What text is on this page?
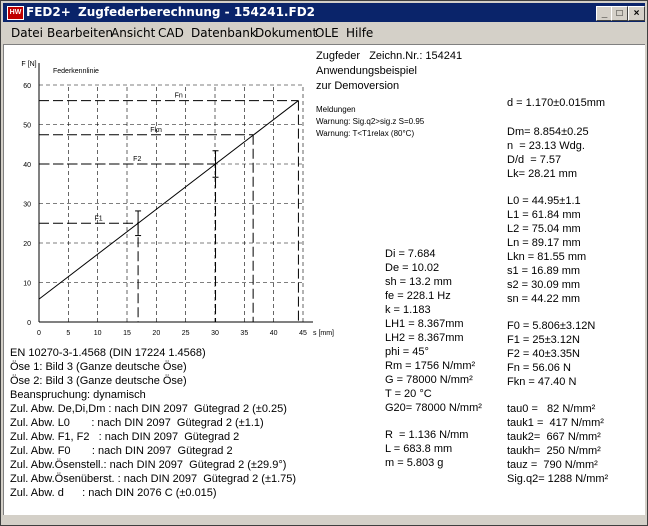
HW FED2+ Zugfederberechnung - 154241.FD2	_ □	×
Datei Bearbeiten
Ansicht CAD Datenbank
Dokument
OLE Hilfe
0	5	10	15	20	25	30	35	40	45
0
10
20
30
40
50
60
F [N]
s [mm]
Federkennlinie
F1
F2
Fkn
Fn
Zugfeder   Zeichn.Nr.: 154241
Anwendungsbeispiel
zur Demoversion
Meldungen
Warnung: Sig.q2>sig.z S=0.95
Warnung: T<T1relax (80°C)
d = 1.170±0.015mm
Dm= 8.854±0.25
n  = 23.13 Wdg.
D/d  = 7.57
Lk= 28.21 mm
L0 = 44.95±1.1
L1 = 61.84 mm
L2 = 75.04 mm
Ln = 89.17 mm
Lkn = 81.55 mm
s1 = 16.89 mm
s2 = 30.09 mm
sn = 44.22 mm
F0 = 5.806±3.12N
F1 = 25±3.12N
F2 = 40±3.35N
Fn = 56.06 N
Fkn = 47.40 N
tau0 =   82 N/mm²
tauk1 =  417 N/mm²
tauk2=  667 N/mm²
taukh=  250 N/mm²
tauz =  790 N/mm²
Sig.q2= 1288 N/mm²
Di = 7.684
De = 10.02
sh = 13.2 mm
fe = 228.1 Hz
k = 1.183
LH1 = 8.367mm
LH2 = 8.367mm
phi = 45°
Rm = 1756 N/mm²
G = 78000 N/mm²
T = 20 °C
G20= 78000 N/mm²
R  = 1.136 N/mm
L = 683.8 mm
m = 5.803 g
EN 10270-3-1.4568 (DIN 17224 1.4568)
Öse 1: Bild 3 (Ganze deutsche Öse)
Öse 2: Bild 3 (Ganze deutsche Öse)
Beanspruchung: dynamisch
Zul. Abw. De,Di,Dm : nach DIN 2097  Gütegrad 2 (±0.25)
Zul. Abw. L0       : nach DIN 2097  Gütegrad 2 (±1.1)
Zul. Abw. F1, F2   : nach DIN 2097  Gütegrad 2
Zul. Abw. F0       : nach DIN 2097  Gütegrad 2
Zul. Abw.Ösenstell.: nach DIN 2097  Gütegrad 2 (±29.9°)
Zul. Abw.Ösenüberst. : nach DIN 2097  Gütegrad 2 (±1.75)
Zul. Abw. d      : nach DIN 2076 C (±0.015)
